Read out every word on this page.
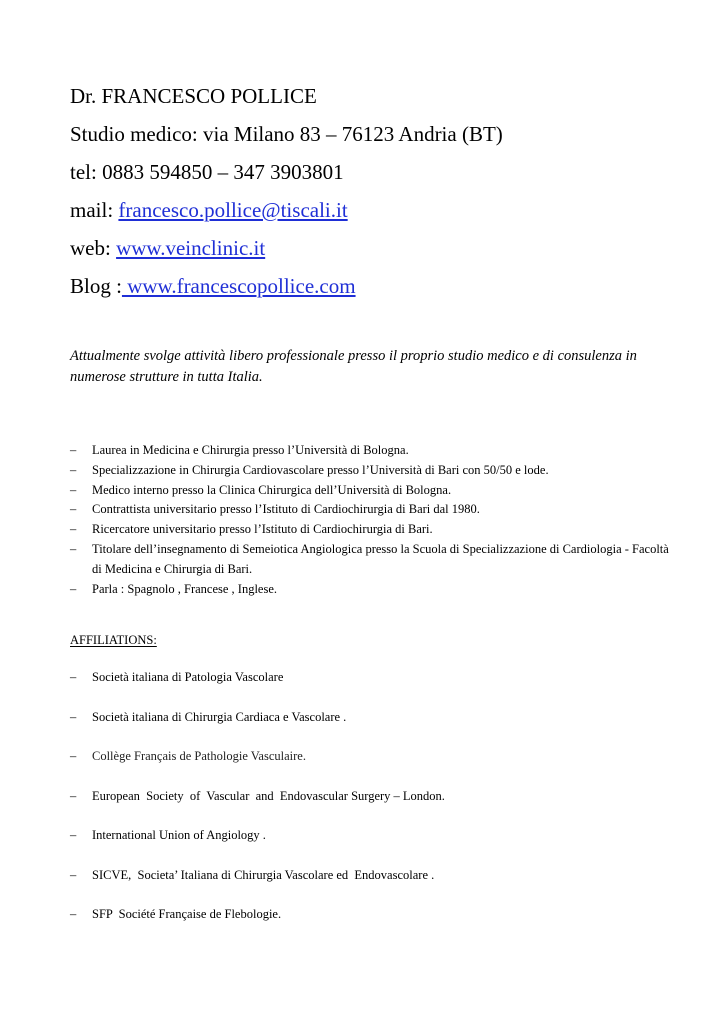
Dr. FRANCESCO POLLICE
Studio medico: via Milano 83 – 76123 Andria (BT)
tel: 0883 594850 – 347 3903801
mail: francesco.pollice@tiscali.it
web: www.veinclinic.it
Blog : www.francescopollice.com
Attualmente svolge attività libero professionale presso il proprio studio medico e di consulenza in numerose strutture in tutta Italia.
– Laurea in Medicina e Chirurgia presso l’Università di Bologna.
– Specializzazione in Chirurgia Cardiovascolare presso l’Università di Bari con 50/50 e lode.
– Medico interno presso la Clinica Chirurgica dell’Università di Bologna.
– Contrattista universitario presso l’Istituto di Cardiochirurgia di Bari dal 1980.
– Ricercatore universitario presso l’Istituto di Cardiochirurgia di Bari.
– Titolare dell’insegnamento di Semeiotica Angiologica presso la Scuola di Specializzazione di Cardiologia - Facoltà di Medicina e Chirurgia di Bari.
– Parla : Spagnolo , Francese , Inglese.
AFFILIATIONS:
– Società italiana di Patologia Vascolare
– Società italiana di Chirurgia Cardiaca e Vascolare .
– Collège Français de Pathologie Vasculaire.
– European  Society  of  Vascular  and  Endovascular Surgery – London.
– International Union of Angiology .
– SICVE,  Societa’ Italiana di Chirurgia Vascolare ed  Endovascolare .
– SFP  Société Française de Flebologie.
